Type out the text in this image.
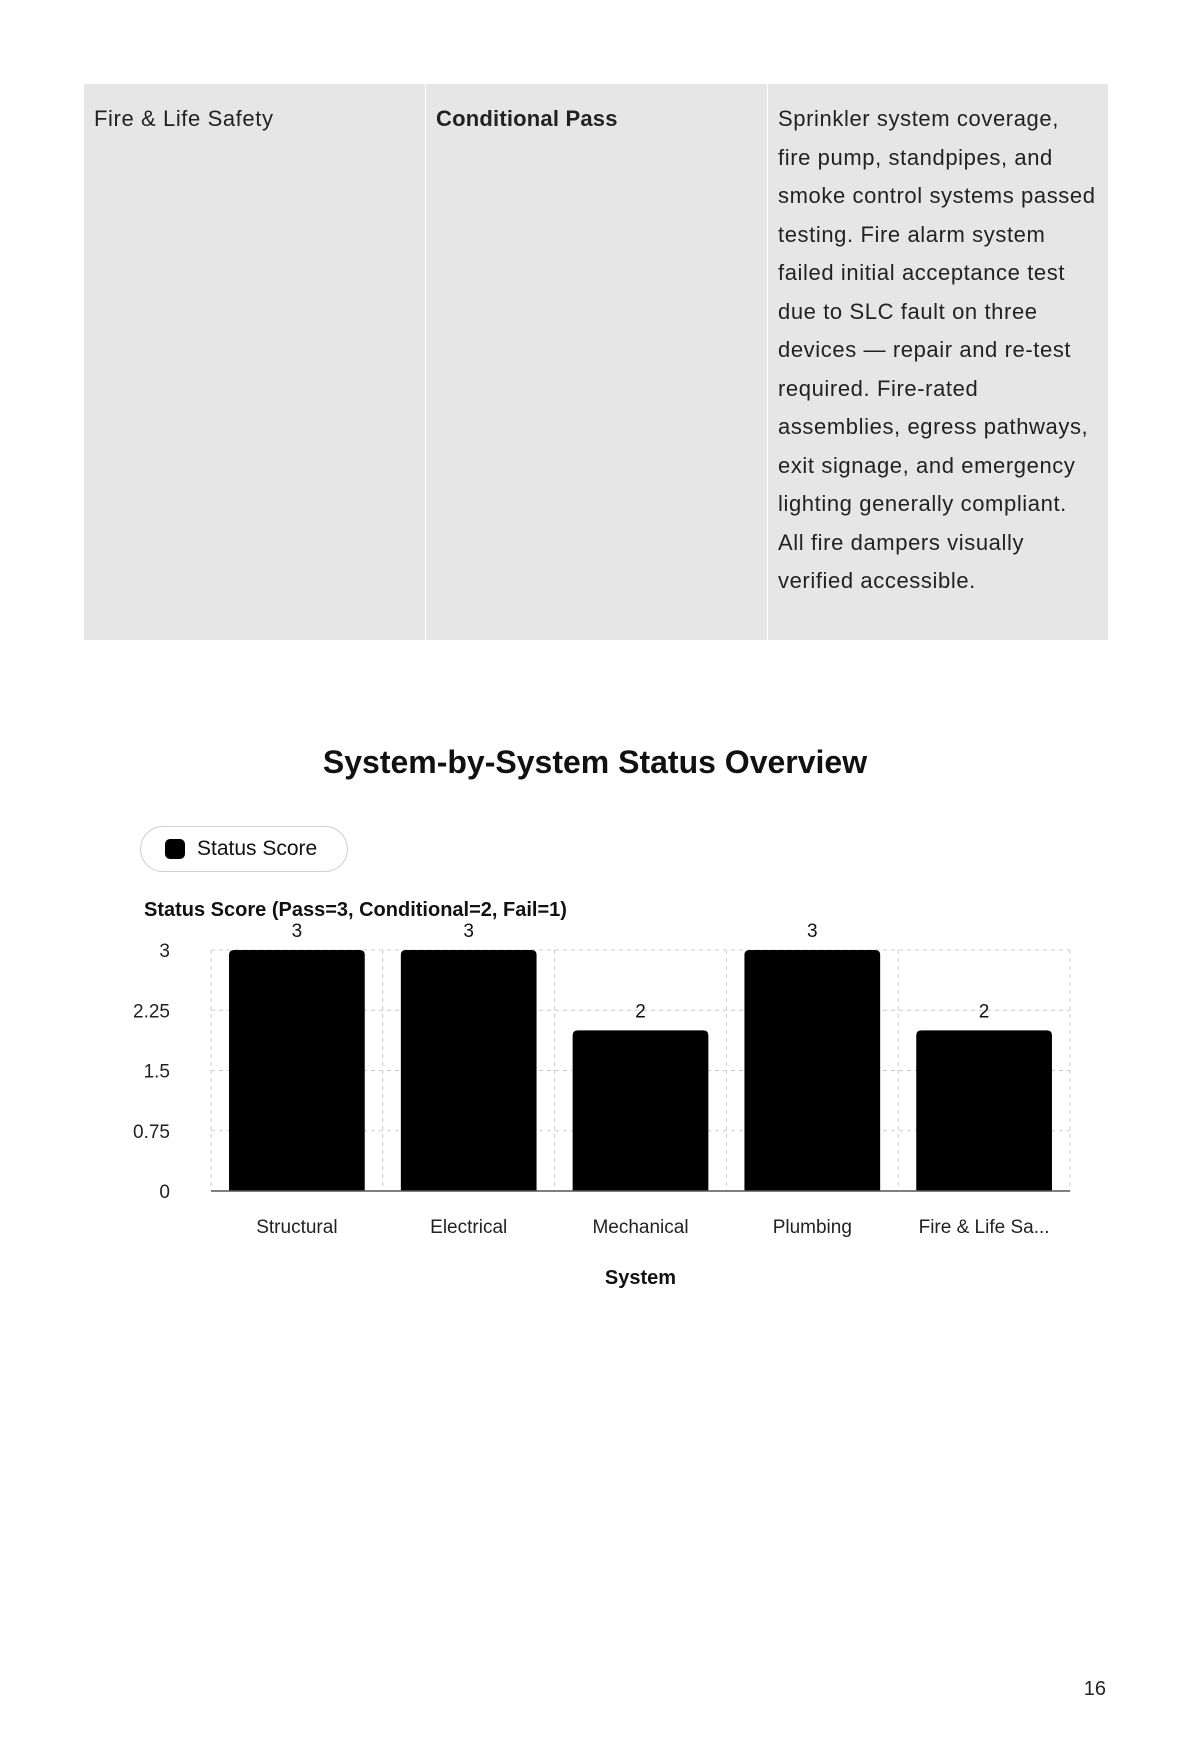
Fire & Life Safety	Conditional Pass	Sprinkler system coverage, fire pump, standpipes, and smoke control systems passed testing. Fire alarm system failed initial acceptance test due to SLC fault on three devices — repair and re-test required. Fire-rated assemblies, egress pathways, exit signage, and emergency lighting generally compliant. All fire dampers visually verified accessible.
System-by-System Status Overview
Status Score
Status Score (Pass=3, Conditional=2, Fail=1)
0
0.75
1.5
2.25
3
3
Structural
3
Electrical
2
Mechanical
3
Plumbing
2
Fire & Life Sa...
System
16
